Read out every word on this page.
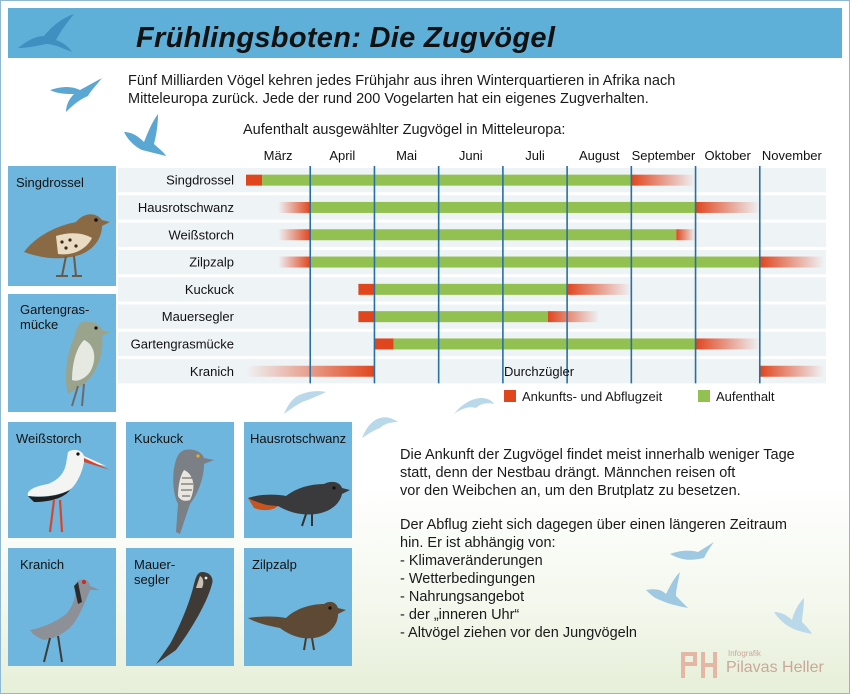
Frühlingsboten: Die Zugvögel
Fünf Milliarden Vögel kehren jedes Frühjahr aus ihren Winterquartieren in Afrika nach Mitteleuropa zurück. Jede der rund 200 Vogelarten hat ein eigenes Zugverhalten.
Aufenthalt ausgewählter Zugvögel in Mitteleuropa:
Singdrossel
Gartengras-
mücke
Weißstorch	Kuckuck	Hausrotschwanz
Kranich	Mauer-
segler
Zilpzalp
März	April	Mai	Juni	Juli	August September Oktober November
Singdrossel
Hausrotschwanz
Weißstorch
Zilpzalp
Kuckuck
Mauersegler
Gartengrasmücke
Kranich	Durchzügler
Ankunfts- und Abflugzeit	Aufenthalt
Die Ankunft der Zugvögel findet meist innerhalb weniger Tage
statt, denn der Nestbau drängt. Männchen reisen oft
vor den Weibchen an, um den Brutplatz zu besetzen.
Der Abflug zieht sich dagegen über einen längeren Zeitraum
hin. Er ist abhängig von:
- Klimaveränderungen
- Wetterbedingungen
- Nahrungsangebot
- der „inneren Uhr“
- Altvögel ziehen vor den Jungvögeln
Infografik
Pilavas Heller
